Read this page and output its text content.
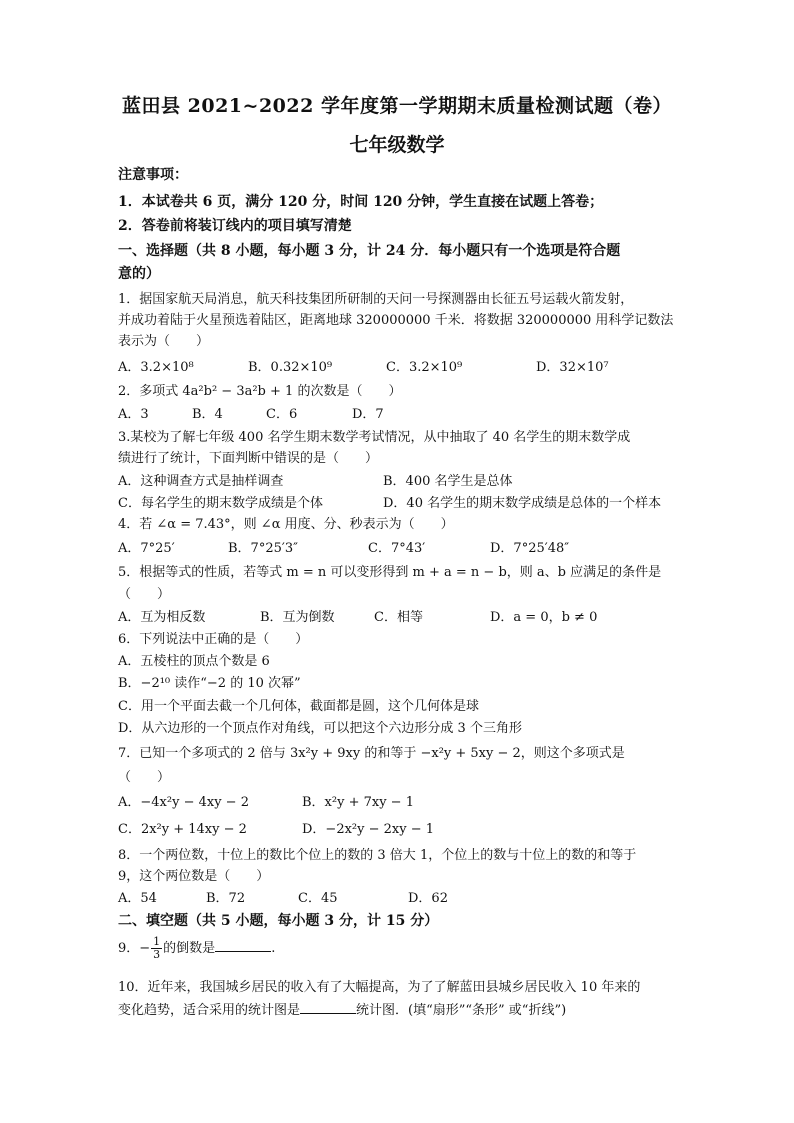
蓝田县 2021~2022 学年度第一学期期末质量检测试题（卷）
七年级数学
注意事项：
1．本试卷共 6 页，满分 120 分，时间 120 分钟，学生直接在试题上答卷；
2．答卷前将装订线内的项目填写清楚
一、选择题（共 8 小题，每小题 3 分，计 24 分．每小题只有一个选项是符合题
意的）
1．据国家航天局消息，航天科技集团所研制的天问一号探测器由长征五号运载火箭发射，
并成功着陆于火星预选着陆区，距离地球 320000000 千米．将数据 320000000 用科学记数法
表示为（　　）
A．3.2×10⁸	B．0.32×10⁹	C．3.2×10⁹	D．32×10⁷
2．多项式 4a²b² − 3a²b + 1 的次数是（　　）
A．3	B．4	C．6	D．7
3.某校为了解七年级 400 名学生期末数学考试情况，从中抽取了 40 名学生的期末数学成
绩进行了统计，下面判断中错误的是（　　）
A．这种调查方式是抽样调查	B．400 名学生是总体
C．每名学生的期末数学成绩是个体	D．40 名学生的期末数学成绩是总体的一个样本
4．若 ∠α = 7.43°，则 ∠α 用度、分、秒表示为（　　）
A．7°25′	B．7°25′3″	C．7°43′	D．7°25′48″
5．根据等式的性质，若等式 m = n 可以变形得到 m + a = n − b，则 a、b 应满足的条件是
（　　）
A．互为相反数	B．互为倒数	C．相等	D．a = 0，b ≠ 0
6．下列说法中正确的是（　　）
A．五棱柱的顶点个数是 6
B．−2¹⁰ 读作“−2 的 10 次幂”
C．用一个平面去截一个几何体，截面都是圆，这个几何体是球
D．从六边形的一个顶点作对角线，可以把这个六边形分成 3 个三角形
7．已知一个多项式的 2 倍与 3x²y + 9xy 的和等于 −x²y + 5xy − 2，则这个多项式是
（　　）
A．−4x²y − 4xy − 2	B．x²y + 7xy − 1
C．2x²y + 14xy − 2	D．−2x²y − 2xy − 1
8．一个两位数，十位上的数比个位上的数的 3 倍大 1，个位上的数与十位上的数的和等于
9，这个两位数是（　　）
A．54	B．72	C．45	D．62
二、填空题（共 5 小题，每小题 3 分，计 15 分）
9．− $\frac{1}{3}$ 的倒数是	.
10．近年来，我国城乡居民的收入有了大幅提高，为了了解蓝田县城乡居民收入 10 年来的
变化趋势，适合采用的统计图是	统计图．(填“扇形”“条形” 或“折线”)
